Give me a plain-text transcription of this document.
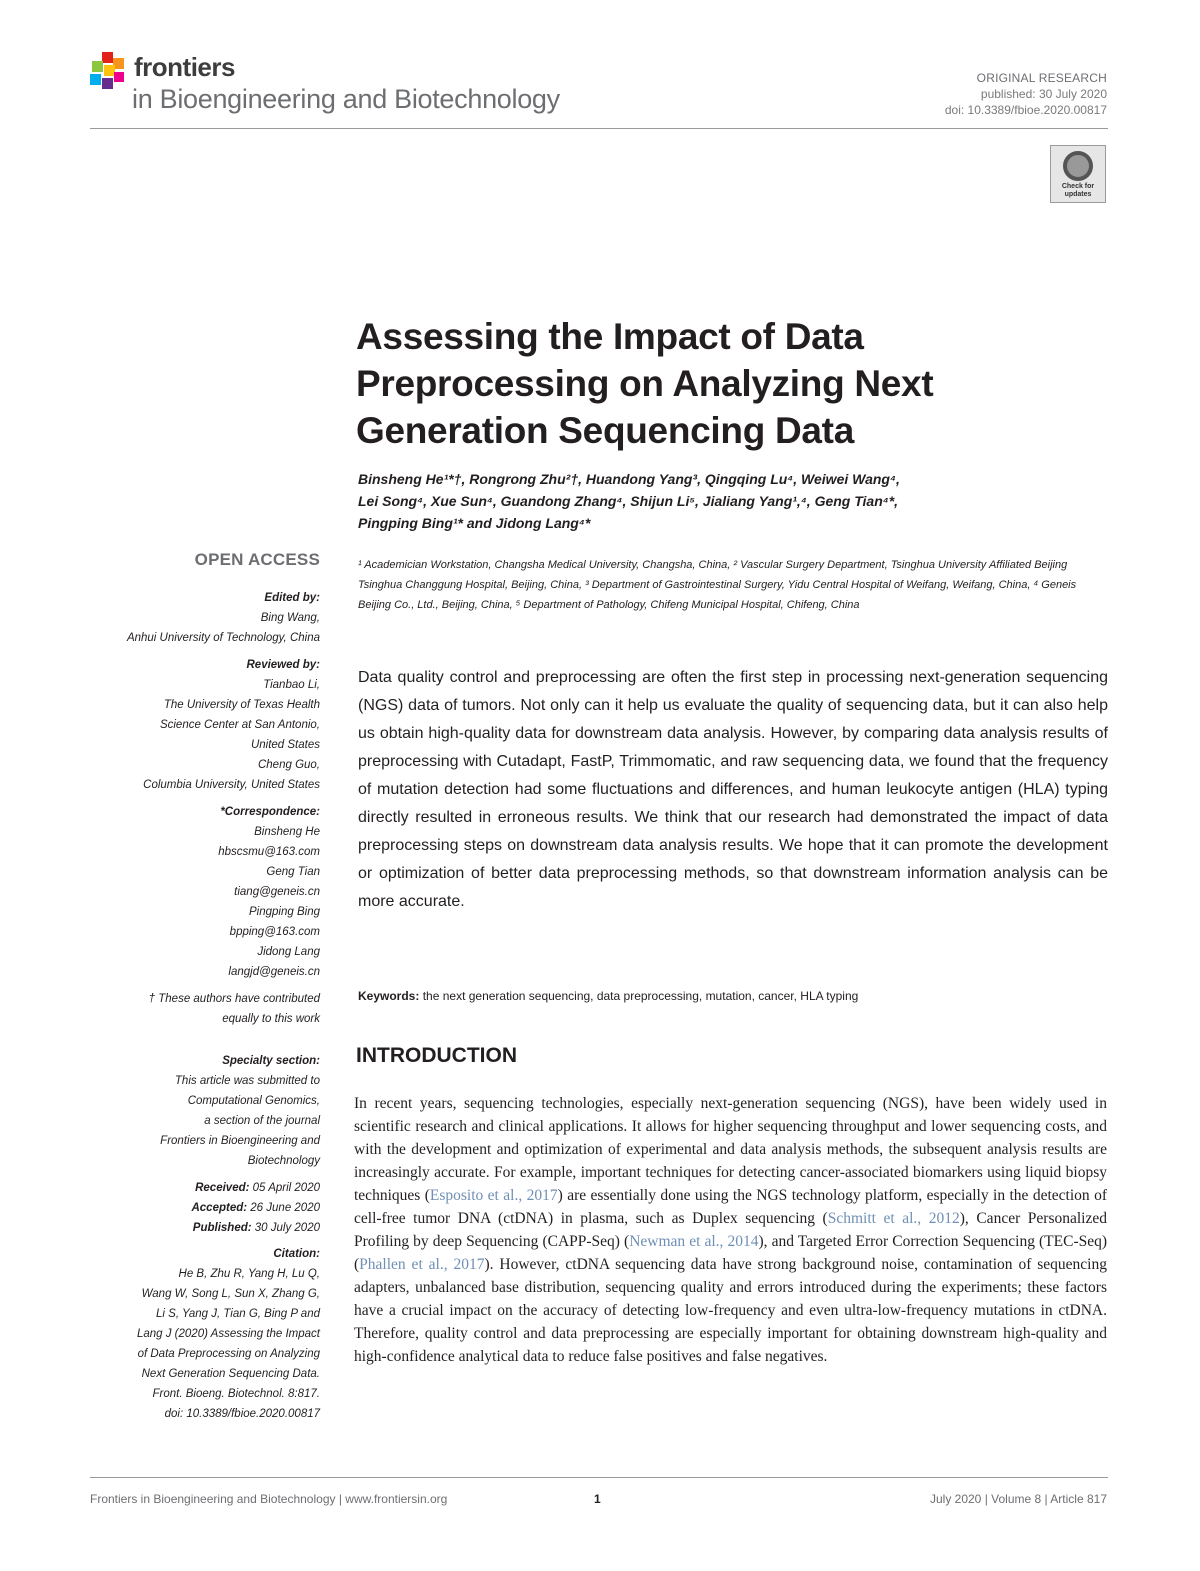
frontiers
in Bioengineering and Biotechnology
ORIGINAL RESEARCH
published: 30 July 2020
doi: 10.3389/fbioe.2020.00817
Check for updates
Assessing the Impact of Data Preprocessing on Analyzing Next Generation Sequencing Data
Binsheng He¹*†, Rongrong Zhu²†, Huandong Yang³, Qingqing Lu⁴, Weiwei Wang⁴,
Lei Song⁴, Xue Sun⁴, Guandong Zhang⁴, Shijun Li⁵, Jialiang Yang¹,⁴, Geng Tian⁴*,
Pingping Bing¹* and Jidong Lang⁴*
¹ Academician Workstation, Changsha Medical University, Changsha, China, ² Vascular Surgery Department, Tsinghua University Affiliated Beijing Tsinghua Changgung Hospital, Beijing, China, ³ Department of Gastrointestinal Surgery, Yidu Central Hospital of Weifang, Weifang, China, ⁴ Geneis Beijing Co., Ltd., Beijing, China, ⁵ Department of Pathology, Chifeng Municipal Hospital, Chifeng, China
Data quality control and preprocessing are often the first step in processing next-generation sequencing (NGS) data of tumors. Not only can it help us evaluate the quality of sequencing data, but it can also help us obtain high-quality data for downstream data analysis. However, by comparing data analysis results of preprocessing with Cutadapt, FastP, Trimmomatic, and raw sequencing data, we found that the frequency of mutation detection had some fluctuations and differences, and human leukocyte antigen (HLA) typing directly resulted in erroneous results. We think that our research had demonstrated the impact of data preprocessing steps on downstream data analysis results. We hope that it can promote the development or optimization of better data preprocessing methods, so that downstream information analysis can be more accurate.
Keywords: the next generation sequencing, data preprocessing, mutation, cancer, HLA typing
INTRODUCTION
In recent years, sequencing technologies, especially next-generation sequencing (NGS), have been widely used in scientific research and clinical applications. It allows for higher sequencing throughput and lower sequencing costs, and with the development and optimization of experimental and data analysis methods, the subsequent analysis results are increasingly accurate. For example, important techniques for detecting cancer-associated biomarkers using liquid biopsy techniques (Esposito et al., 2017) are essentially done using the NGS technology platform, especially in the detection of cell-free tumor DNA (ctDNA) in plasma, such as Duplex sequencing (Schmitt et al., 2012), Cancer Personalized Profiling by deep Sequencing (CAPP-Seq) (Newman et al., 2014), and Targeted Error Correction Sequencing (TEC-Seq) (Phallen et al., 2017). However, ctDNA sequencing data have strong background noise, contamination of sequencing adapters, unbalanced base distribution, sequencing quality and errors introduced during the experiments; these factors have a crucial impact on the accuracy of detecting low-frequency and even ultra-low-frequency mutations in ctDNA. Therefore, quality control and data preprocessing are especially important for obtaining downstream high-quality and high-confidence analytical data to reduce false positives and false negatives.
OPEN ACCESS
Edited by:
Bing Wang,
Anhui University of Technology, China
Reviewed by:
Tianbao Li,
The University of Texas Health
Science Center at San Antonio,
United States
Cheng Guo,
Columbia University, United States
*Correspondence:
Binsheng He
hbscsmu@163.com
Geng Tian
tiang@geneis.cn
Pingping Bing
bpping@163.com
Jidong Lang
langjd@geneis.cn
† These authors have contributed
equally to this work
Specialty section:
This article was submitted to
Computational Genomics,
a section of the journal
Frontiers in Bioengineering and
Biotechnology
Received: 05 April 2020
Accepted: 26 June 2020
Published: 30 July 2020
Citation:
He B, Zhu R, Yang H, Lu Q,
Wang W, Song L, Sun X, Zhang G,
Li S, Yang J, Tian G, Bing P and
Lang J (2020) Assessing the Impact
of Data Preprocessing on Analyzing
Next Generation Sequencing Data.
Front. Bioeng. Biotechnol. 8:817.
doi: 10.3389/fbioe.2020.00817
Frontiers in Bioengineering and Biotechnology | www.frontiersin.org	1	July 2020 | Volume 8 | Article 817
